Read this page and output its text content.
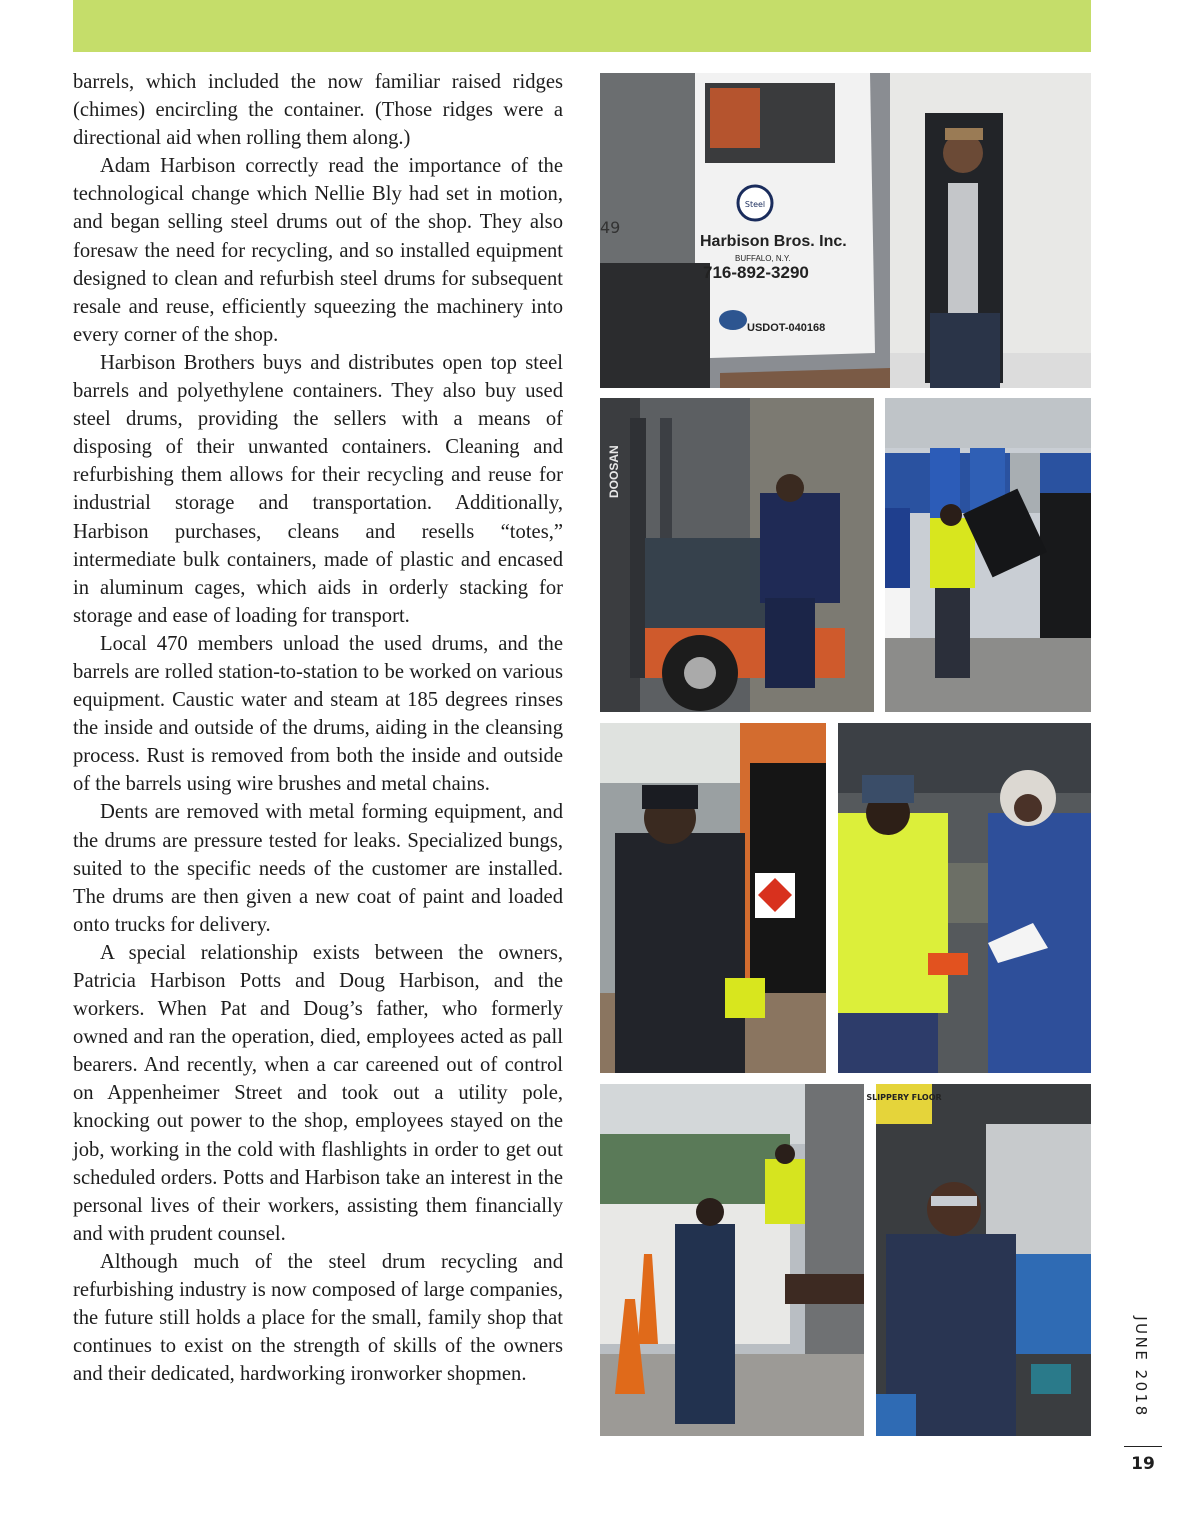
barrels, which included the now familiar raised ridges (chimes) encircling the container. (Those ridges were a directional aid when rolling them along.)

Adam Harbison correctly read the importance of the technological change which Nellie Bly had set in motion, and began selling steel drums out of the shop. They also foresaw the need for recycling, and so installed equipment designed to clean and refurbish steel drums for subsequent resale and reuse, efficiently squeezing the machinery into every corner of the shop.

Harbison Brothers buys and distributes open top steel barrels and polyethylene containers. They also buy used steel drums, providing the sellers with a means of disposing of their unwanted containers. Cleaning and refurbishing them allows for their recycling and reuse for industrial storage and transportation. Additionally, Harbison purchases, cleans and resells “totes,” intermediate bulk containers, made of plastic and encased in aluminum cages, which aids in orderly stacking for storage and ease of loading for transport.

Local 470 members unload the used drums, and the barrels are rolled station-to-station to be worked on various equipment. Caustic water and steam at 185 degrees rinses the inside and outside of the drums, aiding in the cleansing process. Rust is removed from both the inside and outside of the barrels using wire brushes and metal chains.

Dents are removed with metal forming equipment, and the drums are pressure tested for leaks. Specialized bungs, suited to the specific needs of the customer are installed. The drums are then given a new coat of paint and loaded onto trucks for delivery.

A special relationship exists between the owners, Patricia Harbison Potts and Doug Harbison, and the workers. When Pat and Doug’s father, who formerly owned and ran the operation, died, employees acted as pall bearers. And recently, when a car careened out of control on Appenheimer Street and took out a utility pole, knocking out power to the shop, employees stayed on the job, working in the cold with flashlights in order to get out scheduled orders. Potts and Harbison take an interest in the personal lives of their workers, assisting them financially and with prudent counsel.

Although much of the steel drum recycling and refurbishing industry is now composed of large companies, the future still holds a place for the small, family shop that continues to exist on the strength of skills of the owners and their dedicated, hardworking ironworker shopmen.

Steel
49
Harbison Bros. Inc.
BUFFALO, N.Y.
716-892-3290
USDOT-040168
DOOSAN
SLIPPERY FLOOR
JUNE 2018
19
